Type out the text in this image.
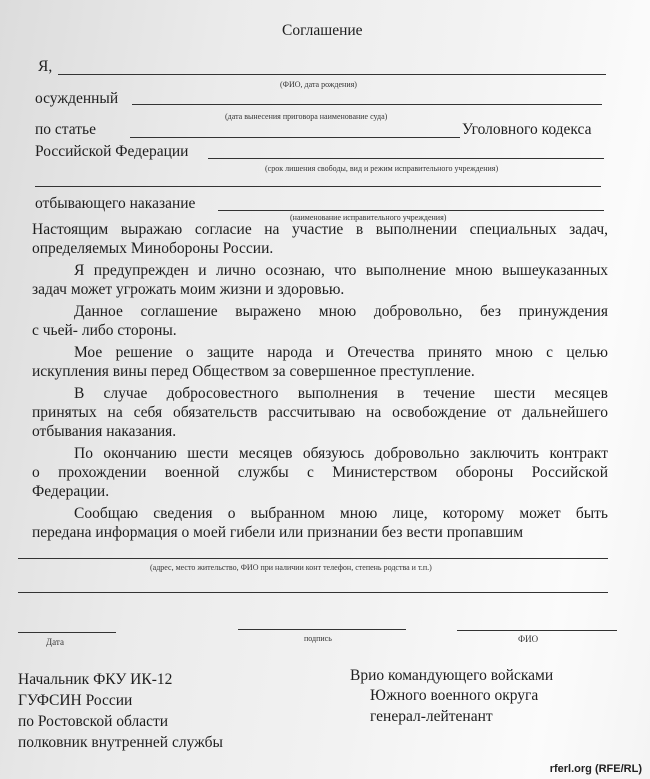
Соглашение
Я,
(ФИО, дата рождения)
осужденный
(дата вынесения приговора наименование суда)
по статье	Уголовного кодекса
Российской Федерации
(срок лишения свободы, вид и режим исправительного учреждения)
отбывающего наказание
(наименование исправительного учреждения)
Настоящим выражаю согласие на участие в выполнении специальных задач,
определяемых Минобороны России.
Я предупрежден и лично осознаю, что выполнение мною вышеуказанных
задач может угрожать моим жизни и здоровью.
Данное соглашение выражено мною добровольно, без принуждения
с чьей- либо стороны.
Мое решение о защите народа и Отечества принято мною с целью
искупления вины перед Обществом за совершенное преступление.
В случае добросовестного выполнения в течение шести месяцев
принятых на себя обязательств рассчитываю на освобождение от дальнейшего
отбывания наказания.
По окончанию шести месяцев обязуюсь добровольно заключить контракт
о прохождении военной службы с Министерством обороны Российской
Федерации.
Сообщаю сведения о выбранном мною лице, которому может быть
передана информация о моей гибели или признании без вести пропавшим
(адрес, место жительство, ФИО при наличии конт телефон, степень родства и т.п.)
Дата	подпись	ФИО
Начальник ФКУ ИК-12
ГУФСИН России
по Ростовской области
полковник внутренней службы
Врио командующего войсками
Южного военного округа
генерал-лейтенант
rferl.org (RFE/RL)
